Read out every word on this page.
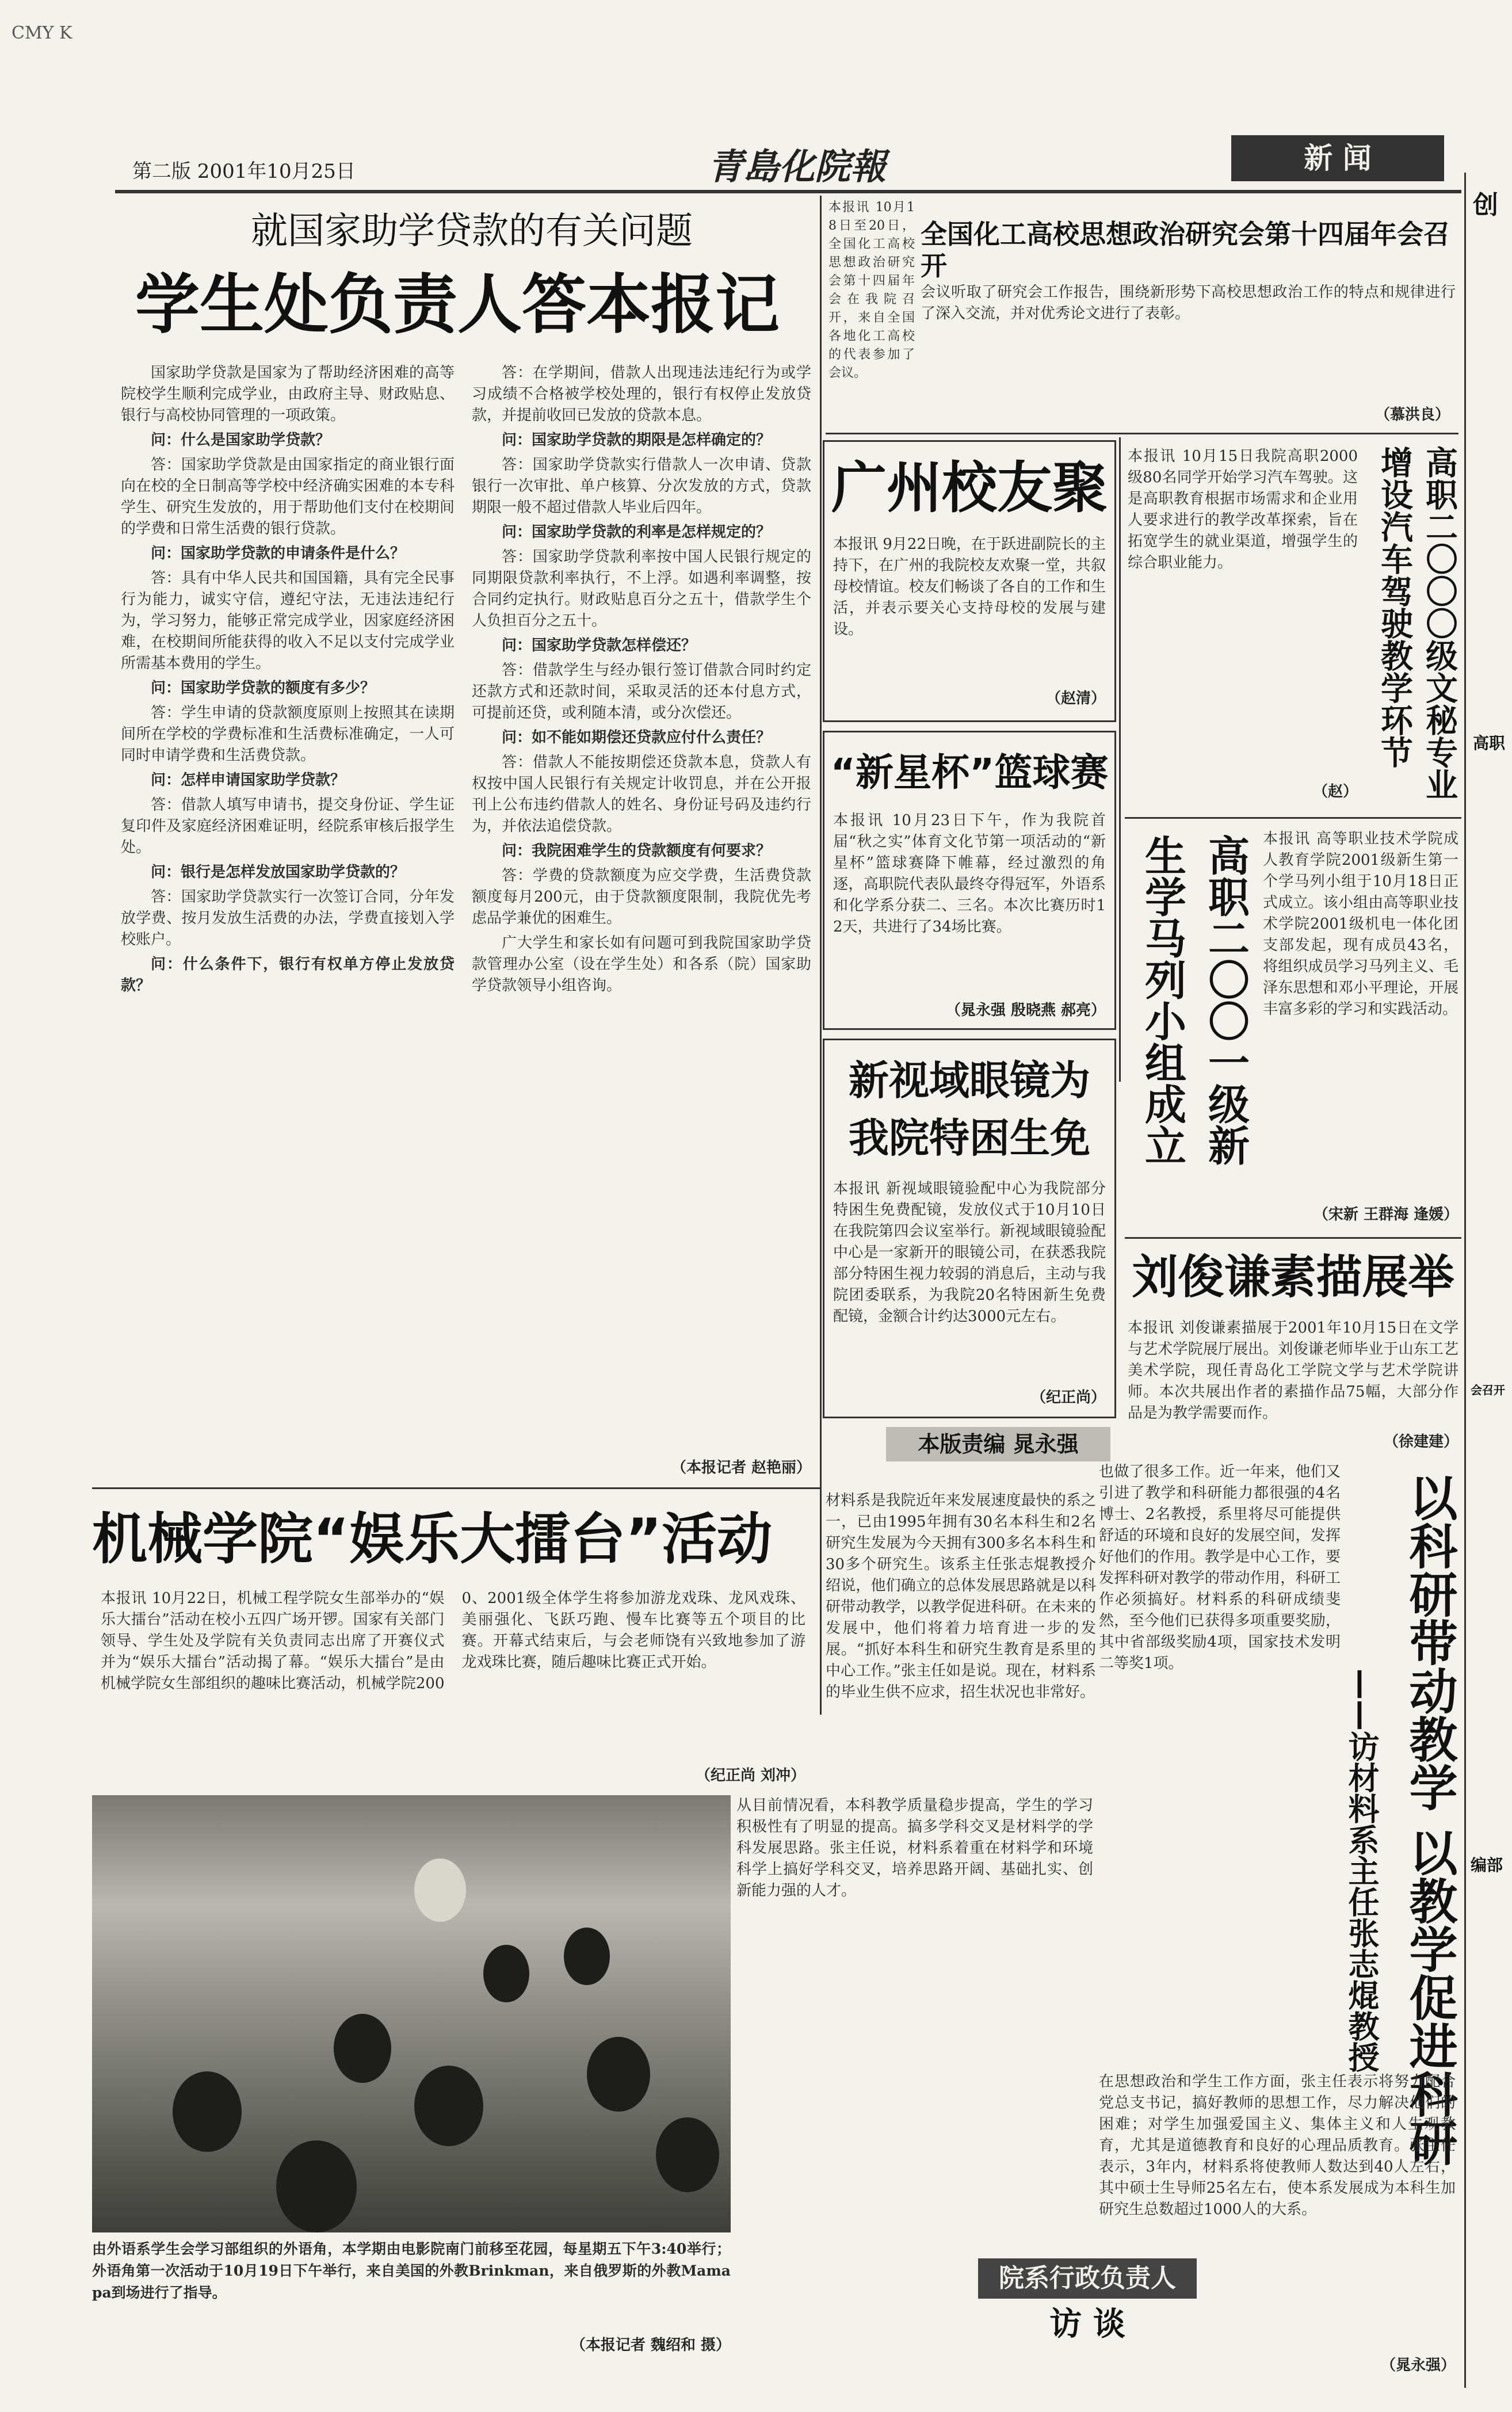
CMY K
第二版 2001年10月25日	青島化院報	新 闻
就国家助学贷款的有关问题
学生处负责人答本报记

国家助学贷款是国家为了帮助经济困难的高等院校学生顺利完成学业，由政府主导、财政贴息、银行与高校协同管理的一项政策。

问：什么是国家助学贷款？

答：国家助学贷款是由国家指定的商业银行面向在校的全日制高等学校中经济确实困难的本专科学生、研究生发放的，用于帮助他们支付在校期间的学费和日常生活费的银行贷款。

问：国家助学贷款的申请条件是什么？

答：具有中华人民共和国国籍，具有完全民事行为能力，诚实守信，遵纪守法，无违法违纪行为，学习努力，能够正常完成学业，因家庭经济困难，在校期间所能获得的收入不足以支付完成学业所需基本费用的学生。

问：国家助学贷款的额度有多少？

答：学生申请的贷款额度原则上按照其在读期间所在学校的学费标准和生活费标准确定，一人可同时申请学费和生活费贷款。

问：怎样申请国家助学贷款？

答：借款人填写申请书，提交身份证、学生证复印件及家庭经济困难证明，经院系审核后报学生处。

问：银行是怎样发放国家助学贷款的？

答：国家助学贷款实行一次签订合同，分年发放学费、按月发放生活费的办法，学费直接划入学校账户。

问：什么条件下，银行有权单方停止发放贷款？

答：在学期间，借款人出现违法违纪行为或学习成绩不合格被学校处理的，银行有权停止发放贷款，并提前收回已发放的贷款本息。

问：国家助学贷款的期限是怎样确定的？

答：国家助学贷款实行借款人一次申请、贷款银行一次审批、单户核算、分次发放的方式，贷款期限一般不超过借款人毕业后四年。

问：国家助学贷款的利率是怎样规定的？

答：国家助学贷款利率按中国人民银行规定的同期限贷款利率执行，不上浮。如遇利率调整，按合同约定执行。财政贴息百分之五十，借款学生个人负担百分之五十。

问：国家助学贷款怎样偿还？

答：借款学生与经办银行签订借款合同时约定还款方式和还款时间，采取灵活的还本付息方式，可提前还贷，或利随本清，或分次偿还。

问：如不能如期偿还贷款应付什么责任？

答：借款人不能按期偿还贷款本息，贷款人有权按中国人民银行有关规定计收罚息，并在公开报刊上公布违约借款人的姓名、身份证号码及违约行为，并依法追偿贷款。

问：我院困难学生的贷款额度有何要求？

答：学费的贷款额度为应交学费，生活费贷款额度每月200元，由于贷款额度限制，我院优先考虑品学兼优的困难生。

广大学生和家长如有问题可到我院国家助学贷款管理办公室（设在学生处）和各系（院）国家助学贷款领导小组咨询。

（本报记者 赵艳丽）
本报讯 10月18日至20日，全国化工高校思想政治研究会第十四届年会在我院召开，来自全国各地化工高校的代表参加了会议。
全国化工高校思想政治研究会第十四届年会召开
会议听取了研究会工作报告，围绕新形势下高校思想政治工作的特点和规律进行了深入交流，并对优秀论文进行了表彰。
（慕洪良）
广州校友聚
本报讯 9月22日晚，在于跃进副院长的主持下，在广州的我院校友欢聚一堂，共叙母校情谊。校友们畅谈了各自的工作和生活，并表示要关心支持母校的发展与建设。
（赵清）
“新星杯”篮球赛
本报讯 10月23日下午，作为我院首届“秋之实”体育文化节第一项活动的“新星杯”篮球赛降下帷幕，经过激烈的角逐，高职院代表队最终夺得冠军，外语系和化学系分获二、三名。本次比赛历时12天，共进行了34场比赛。
（晁永强 殷晓燕 郝亮）
新视域眼镜为我院特困生免
本报讯 新视域眼镜验配中心为我院部分特困生免费配镜，发放仪式于10月10日在我院第四会议室举行。新视域眼镜验配中心是一家新开的眼镜公司，在获悉我院部分特困生视力较弱的消息后，主动与我院团委联系，为我院20名特困新生免费配镜，金额合计约达3000元左右。
（纪正尚）
本版责编 晁永强
本报讯 10月15日我院高职2000级80名同学开始学习汽车驾驶。这是高职教育根据市场需求和企业用人要求进行的教学改革探索，旨在拓宽学生的就业渠道，增强学生的综合职业能力。	高职二〇〇〇级文秘专业增设汽车驾驶教学环节
（赵）
高职二〇〇一级新生学马列小组成立	本报讯 高等职业技术学院成人教育学院2001级新生第一个学马列小组于10月18日正式成立。该小组由高等职业技术学院2001级机电一体化团支部发起，现有成员43名，将组织成员学习马列主义、毛泽东思想和邓小平理论，开展丰富多彩的学习和实践活动。
（宋新 王群海 逢媛）
刘俊谦素描展举
本报讯 刘俊谦素描展于2001年10月15日在文学与艺术学院展厅展出。刘俊谦老师毕业于山东工艺美术学院，现任青岛化工学院文学与艺术学院讲师。本次共展出作者的素描作品75幅，大部分作品是为教学需要而作。
（徐建建）
机械学院“娱乐大擂台”活动
本报讯 10月22日，机械工程学院女生部举办的“娱乐大擂台”活动在校小五四广场开锣。国家有关部门领导、学生处及学院有关负责同志出席了开赛仪式并为“娱乐大擂台”活动揭了幕。“娱乐大擂台”是由机械学院女生部组织的趣味比赛活动，机械学院2000、2001级全体学生将参加游龙戏珠、龙风戏珠、美丽强化、飞跃巧跑、慢车比赛等五个项目的比赛。开幕式结束后，与会老师饶有兴致地参加了游龙戏珠比赛，随后趣味比赛正式开始。
（纪正尚 刘冲）
由外语系学生会学习部组织的外语角，本学期由电影院南门前移至花园，每星期五下午3:40举行；外语角第一次活动于10月19日下午举行，来自美国的外教Brinkman，来自俄罗斯的外教Mamapa到场进行了指导。
（本报记者 魏绍和 摄）
材料系是我院近年来发展速度最快的系之一，已由1995年拥有30名本科生和2名研究生发展为今天拥有300多名本科生和30多个研究生。该系主任张志焜教授介绍说，他们确立的总体发展思路就是以科研带动教学，以教学促进科研。在未来的发展中，他们将着力培育进一步的发展。“抓好本科生和研究生教育是系里的中心工作。”张主任如是说。现在，材料系的毕业生供不应求，招生状况也非常好。
也做了很多工作。近一年来，他们又引进了教学和科研能力都很强的4名博士、2名教授，系里将尽可能提供舒适的环境和良好的发展空间，发挥好他们的作用。教学是中心工作，要发挥科研对教学的带动作用，科研工作必须搞好。材料系的科研成绩斐然，至今他们已获得多项重要奖励，其中省部级奖励4项，国家技术发明二等奖1项。	以科研带动教学 以教学促进科研
——访材料系主任张志焜教授
从目前情况看，本科教学质量稳步提高，学生的学习积极性有了明显的提高。搞多学科交叉是材料学的学科发展思路。张主任说，材料系着重在材料学和环境科学上搞好学科交叉，培养思路开阔、基础扎实、创新能力强的人才。
在思想政治和学生工作方面，张主任表示将努力配合党总支书记，搞好教师的思想工作，尽力解决他们的困难；对学生加强爱国主义、集体主义和人生观教育，尤其是道德教育和良好的心理品质教育。张主任表示，3年内，材料系将使教师人数达到40人左右，其中硕士生导师25名左右，使本系发展成为本科生加研究生总数超过1000人的大系。
（晁永强）
院系行政负责人
访 谈
创
高职
会召开
编部
